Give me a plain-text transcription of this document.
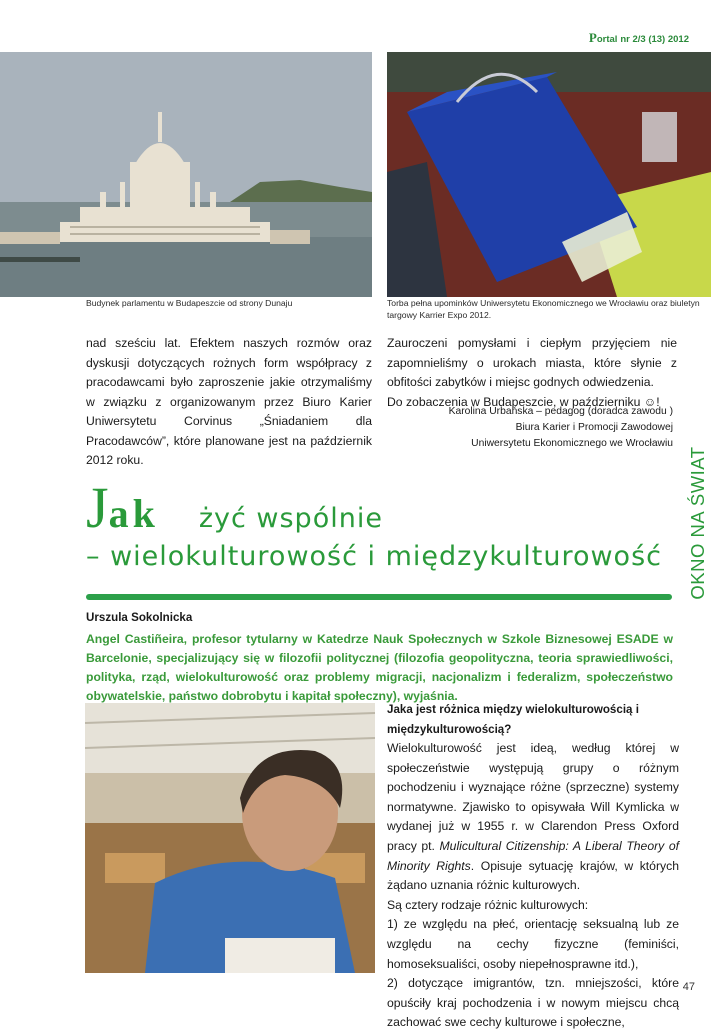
Portal nr 2/3 (13) 2012
Budynek parlamentu w Budapeszcie od strony Dunaju	Torba pełna upominków Uniwersytetu Ekonomicznego we Wrocławiu oraz biuletyn targowy Karrier Expo 2012.
nad sześciu lat. Efektem naszych rozmów oraz dyskusji dotyczących rożnych form współpracy z pracodawcami było zaproszenie jakie otrzymaliśmy w związku z organizowanym przez Biuro Karier Uniwersytetu Corvinus „Śniadaniem dla Pracodawców”, które planowane jest na październik 2012 roku.
Zauroczeni pomysłami i ciepłym przyjęciem nie zapomnieliśmy o urokach miasta, które słynie z obfitości zabytków i miejsc godnych odwiedzenia.
Do zobaczenia w Budapeszcie, w październiku ☺!
Karolina Urbańska – pedagog (doradca zawodu )
Biura Karier i Promocji Zawodowej
Uniwersytetu Ekonomicznego we Wrocławiu
Jak żyć wspólnie
– wielokulturowość i międzykulturowość OKNO NA ŚWIAT
Urszula Sokolnicka
Angel Castiñeira, profesor tytularny w Katedrze Nauk Społecznych w Szkole Biznesowej ESADE w Barcelonie, specjalizujący się w filozofii politycznej (filozofia geopolityczna, teoria sprawiedliwości, polityka, rząd, wielokulturowość oraz problemy migracji, nacjonalizm i federalizm, społeczeństwo obywatelskie, państwo dobrobytu i kapitał społeczny), wyjaśnia.
Jaka jest różnica między wielokulturowością i międzykulturowością?

Wielokulturowość jest ideą, według której w społeczeństwie występują grupy o różnym pochodzeniu i wyznające różne (sprzeczne) systemy normatywne. Zjawisko to opisywała Will Kymlicka w wydanej już w 1955 r. w Clarendon Press Oxford pracy pt. Mulicultural Citizenship: A Liberal Theory of Minority Rights. Opisuje sytuację krajów, w których żądano uznania różnic kulturowych.

Są cztery rodzaje różnic kulturowych:

1) ze względu na płeć, orientację seksualną lub ze względu na cechy fizyczne (feminiści, homoseksualiści, osoby niepełnosprawne itd.),

2) dotyczące imigrantów, tzn. mniejszości, które opuściły kraj pochodzenia i w nowym miejscu chcą zachować swe cechy kulturowe i społeczne,

47
